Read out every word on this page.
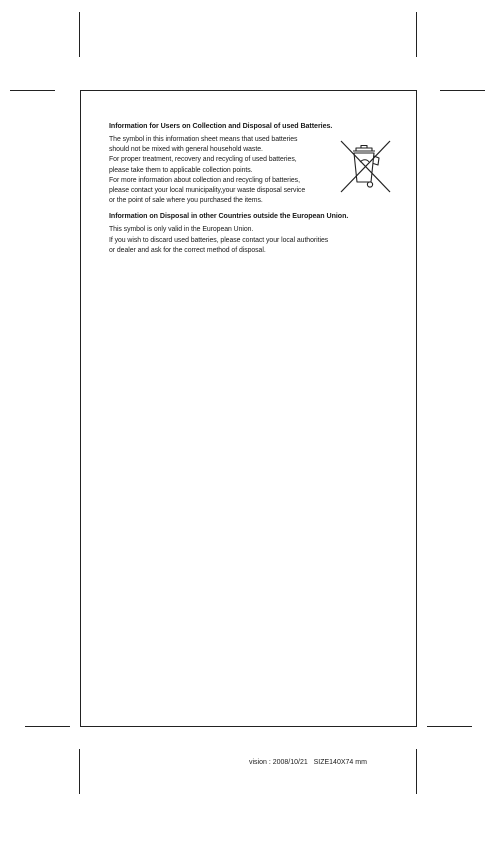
Information for Users on Collection and Disposal of used Batteries.
The symbol in this information sheet means that used batteries
should not be mixed with general household waste.
For proper treatment, recovery and recycling of used batteries,
please take them to applicable collection points.
For more information about collection and recycling of batteries,
please contact your local municipality,your waste disposal service
or the point of sale where you purchased the items.
Information on Disposal in other Countries outside the European Union.
This symbol is only valid in the European Union.
If you wish to discard used batteries, please contact your local authorities
or dealer and ask for the correct method of disposal.
vision : 2008/10/21 SIZE140X74 mm
